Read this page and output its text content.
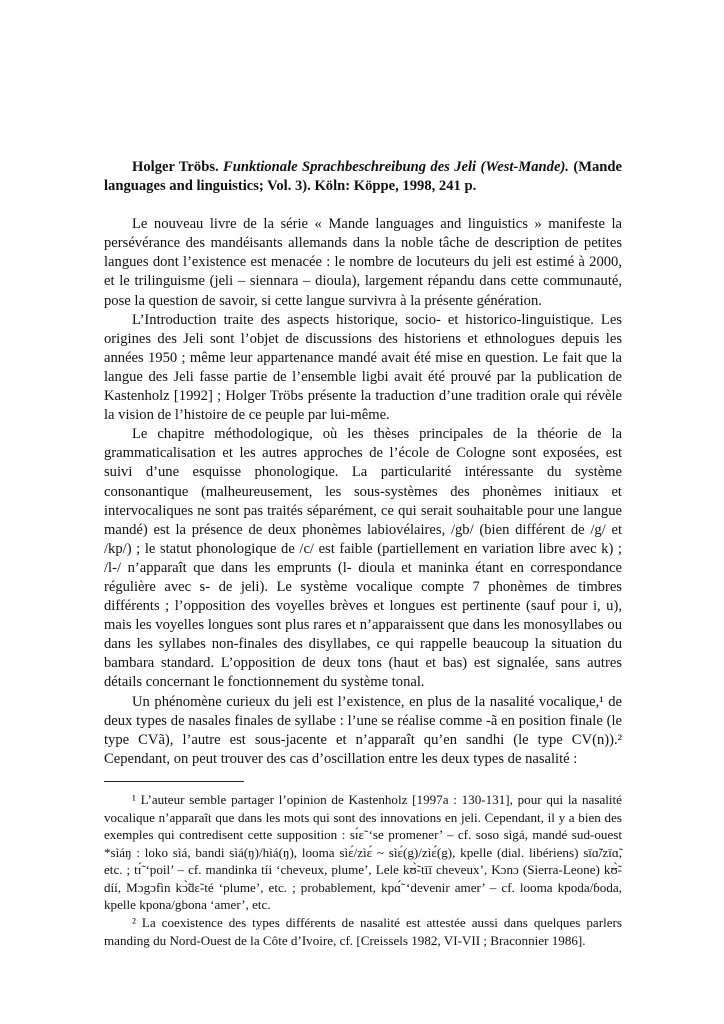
Holger Tröbs. Funktionale Sprachbeschreibung des Jeli (West-Mande). (Mande languages and linguistics; Vol. 3). Köln: Köppe, 1998, 241 p.

Le nouveau livre de la série « Mande languages and linguistics » manifeste la persévérance des mandéisants allemands dans la noble tâche de description de petites langues dont l’existence est menacée : le nombre de locuteurs du jeli est estimé à 2000, et le trilinguisme (jeli – siennara – dioula), largement répandu dans cette communauté, pose la question de savoir, si cette langue survivra à la présente génération.

L’Introduction traite des aspects historique, socio- et historico-linguistique. Les origines des Jeli sont l’objet de discussions des historiens et ethnologues depuis les années 1950 ; même leur appartenance mandé avait été mise en question. Le fait que la langue des Jeli fasse partie de l’ensemble ligbi avait été prouvé par la publication de Kastenholz [1992] ; Holger Tröbs présente la traduction d’une tradition orale qui révèle la vision de l’histoire de ce peuple par lui-même.

Le chapitre méthodologique, où les thèses principales de la théorie de la grammaticalisation et les autres approches de l’école de Cologne sont exposées, est suivi d’une esquisse phonologique. La particularité intéressante du système consonantique (malheureusement, les sous-systèmes des phonèmes initiaux et intervocaliques ne sont pas traités séparément, ce qui serait souhaitable pour une langue mandé) est la présence de deux phonèmes labiovélaires, /gb/ (bien différent de /g/ et /kp/) ; le statut phonologique de /c/ est faible (partiellement en variation libre avec k) ; /l-/ n’apparaît que dans les emprunts (l- dioula et maninka étant en correspondance régulière avec s- de jeli). Le système vocalique compte 7 phonèmes de timbres différents ; l’opposition des voyelles brèves et longues est pertinente (sauf pour i, u), mais les voyelles longues sont plus rares et n’apparaissent que dans les monosyllabes ou dans les syllabes non-finales des disyllabes, ce qui rappelle beaucoup la situation du bambara standard. L’opposition de deux tons (haut et bas) est signalée, sans autres détails concernant le fonctionnement du système tonal.

Un phénomène curieux du jeli est l’existence, en plus de la nasalité vocalique,¹ de deux types de nasales finales de syllabe : l’une se réalise comme -ã en position finale (le type CVã), l’autre est sous-jacente et n’apparaît qu’en sandhi (le type CV(n)).² Cependant, on peut trouver des cas d’oscillation entre les deux types de nasalité :

¹ L’auteur semble partager l’opinion de Kastenholz [1997a : 130-131], pour qui la nasalité vocalique n’apparaît que dans les mots qui sont des innovations en jeli. Cependant, il y a bien des exemples qui contredisent cette supposition : sɪ́ɛ̃ ‘se promener’ – cf. soso sìgá, mandé sud-ouest *sìáŋ : loko sìá, bandi sìá(ŋ)/hìá(ŋ), looma sìɛ́/zìɛ́ ~ sìɛ́(g)/zìɛ́(g), kpelle (dial. libériens) sīɑ̃/zīɑ̃, etc. ; tɪ̃́ ‘poil’ – cf. mandinka tíi ‘cheveux, plume’, Lele kʊ̃̀-tīī cheveux’, Kɔnɔ (Sierra-Leone) kʊ̃̀-díí, Mɔgɔfìn kɔ̃̀dɛ̃-té ‘plume’, etc. ; probablement, kpɑ̃́ ‘devenir amer’ – cf. looma kpoda/ɓoda, kpelle kpona/gbona ‘amer’, etc.

² La coexistence des types différents de nasalité est attestée aussi dans quelques parlers manding du Nord-Ouest de la Côte d’Ivoire, cf. [Creissels 1982, VI-VII ; Braconnier 1986].
